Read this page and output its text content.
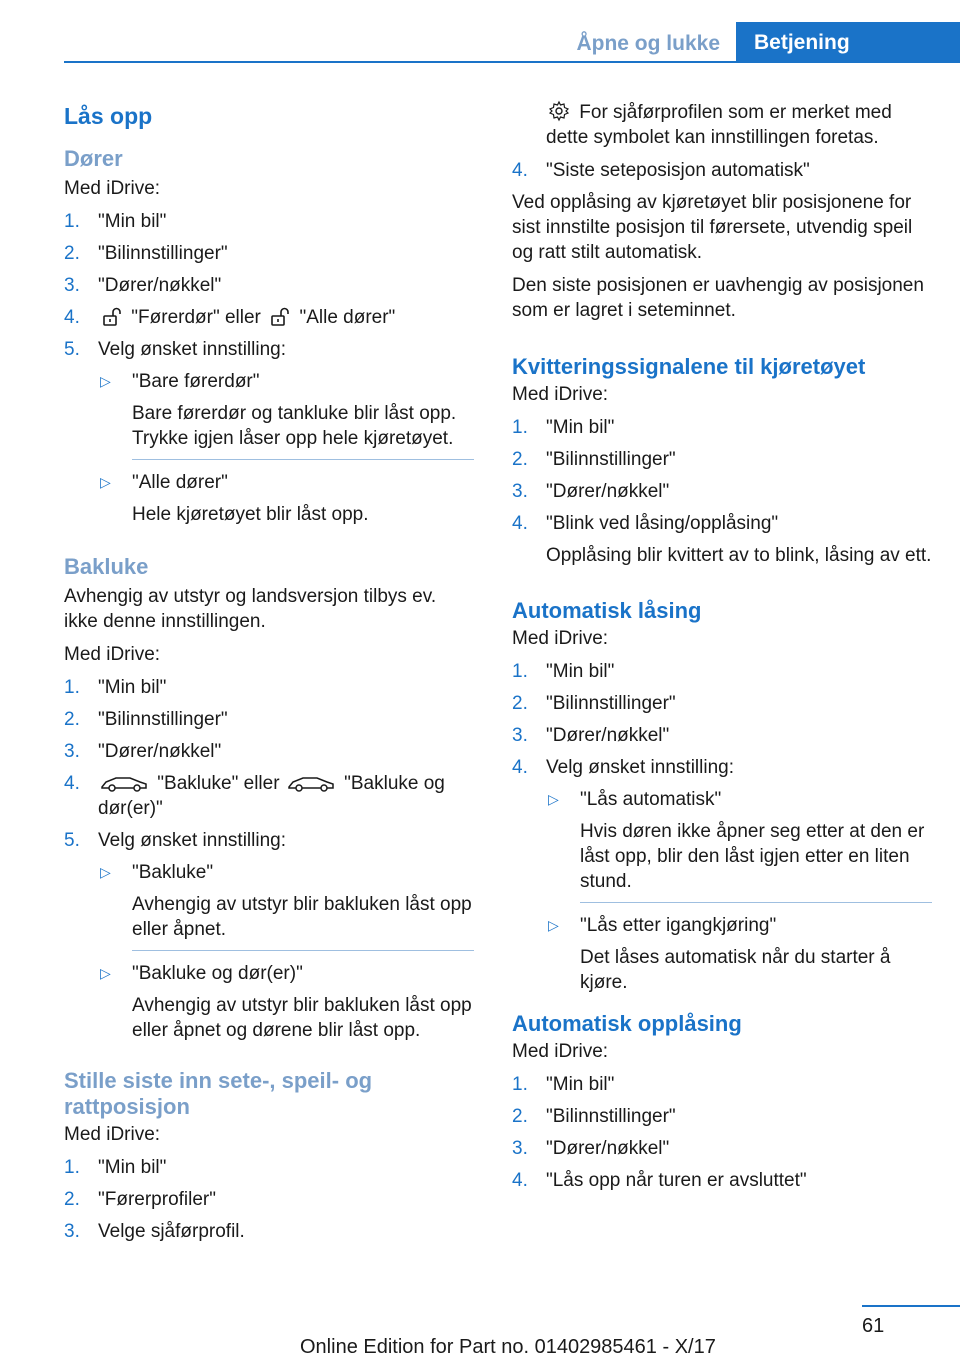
Åpne og lukke	Betjening
Lås opp
Dører

Med iDrive:

1. "Min bil"
2. "Bilinnstillinger"
3. "Dører/nøkkel"
4.	"Førerdør" eller "Alle dører"
5. Velg ønsket innstilling:
▷ "Bare førerdør"
Bare førerdør og tankluke blir låst opp. Trykke igjen låser opp hele kjøretøyet.
▷ "Alle dører"
Hele kjøretøyet blir låst opp.
Bakluke

Avhengig av utstyr og landsversjon tilbys ev. ikke denne innstillingen.

Med iDrive:

1. "Min bil"
2. "Bilinnstillinger"
3. "Dører/nøkkel"
4.	"Bakluke" eller	"Bakluke og dør(er)"
5. Velg ønsket innstilling:
▷ "Bakluke"
Avhengig av utstyr blir bakluken låst opp eller åpnet.
▷ "Bakluke og dør(er)"
Avhengig av utstyr blir bakluken låst opp eller åpnet og dørene blir låst opp.
Stille siste inn sete-, speil- og rattposisjon

Med iDrive:

1. "Min bil"
2. "Førerprofiler"
3. Velge sjåførprofil.
For sjåførprofilen som er merket med dette symbolet kan innstillingen foretas.
4. "Siste seteposisjon automatisk"

Ved opplåsing av kjøretøyet blir posisjonene for sist innstilte posisjon til førersete, utvendig speil og ratt stilt automatisk.

Den siste posisjonen er uavhengig av posisjonen som er lagret i seteminnet.

Kvitteringssignalene til kjøretøyet

Med iDrive:

1. "Min bil"
2. "Bilinnstillinger"
3. "Dører/nøkkel"
4. "Blink ved låsing/opplåsing"
Opplåsing blir kvittert av to blink, låsing av ett.
Automatisk låsing

Med iDrive:

1. "Min bil"
2. "Bilinnstillinger"
3. "Dører/nøkkel"
4. Velg ønsket innstilling:
▷ "Lås automatisk"
Hvis døren ikke åpner seg etter at den er låst opp, blir den låst igjen etter en liten stund.
▷ "Lås etter igangkjøring"
Det låses automatisk når du starter å kjøre.
Automatisk opplåsing

Med iDrive:

1. "Min bil"
2. "Bilinnstillinger"
3. "Dører/nøkkel"
4. "Lås opp når turen er avsluttet"
61
Online Edition for Part no. 01402985461 - X/17
